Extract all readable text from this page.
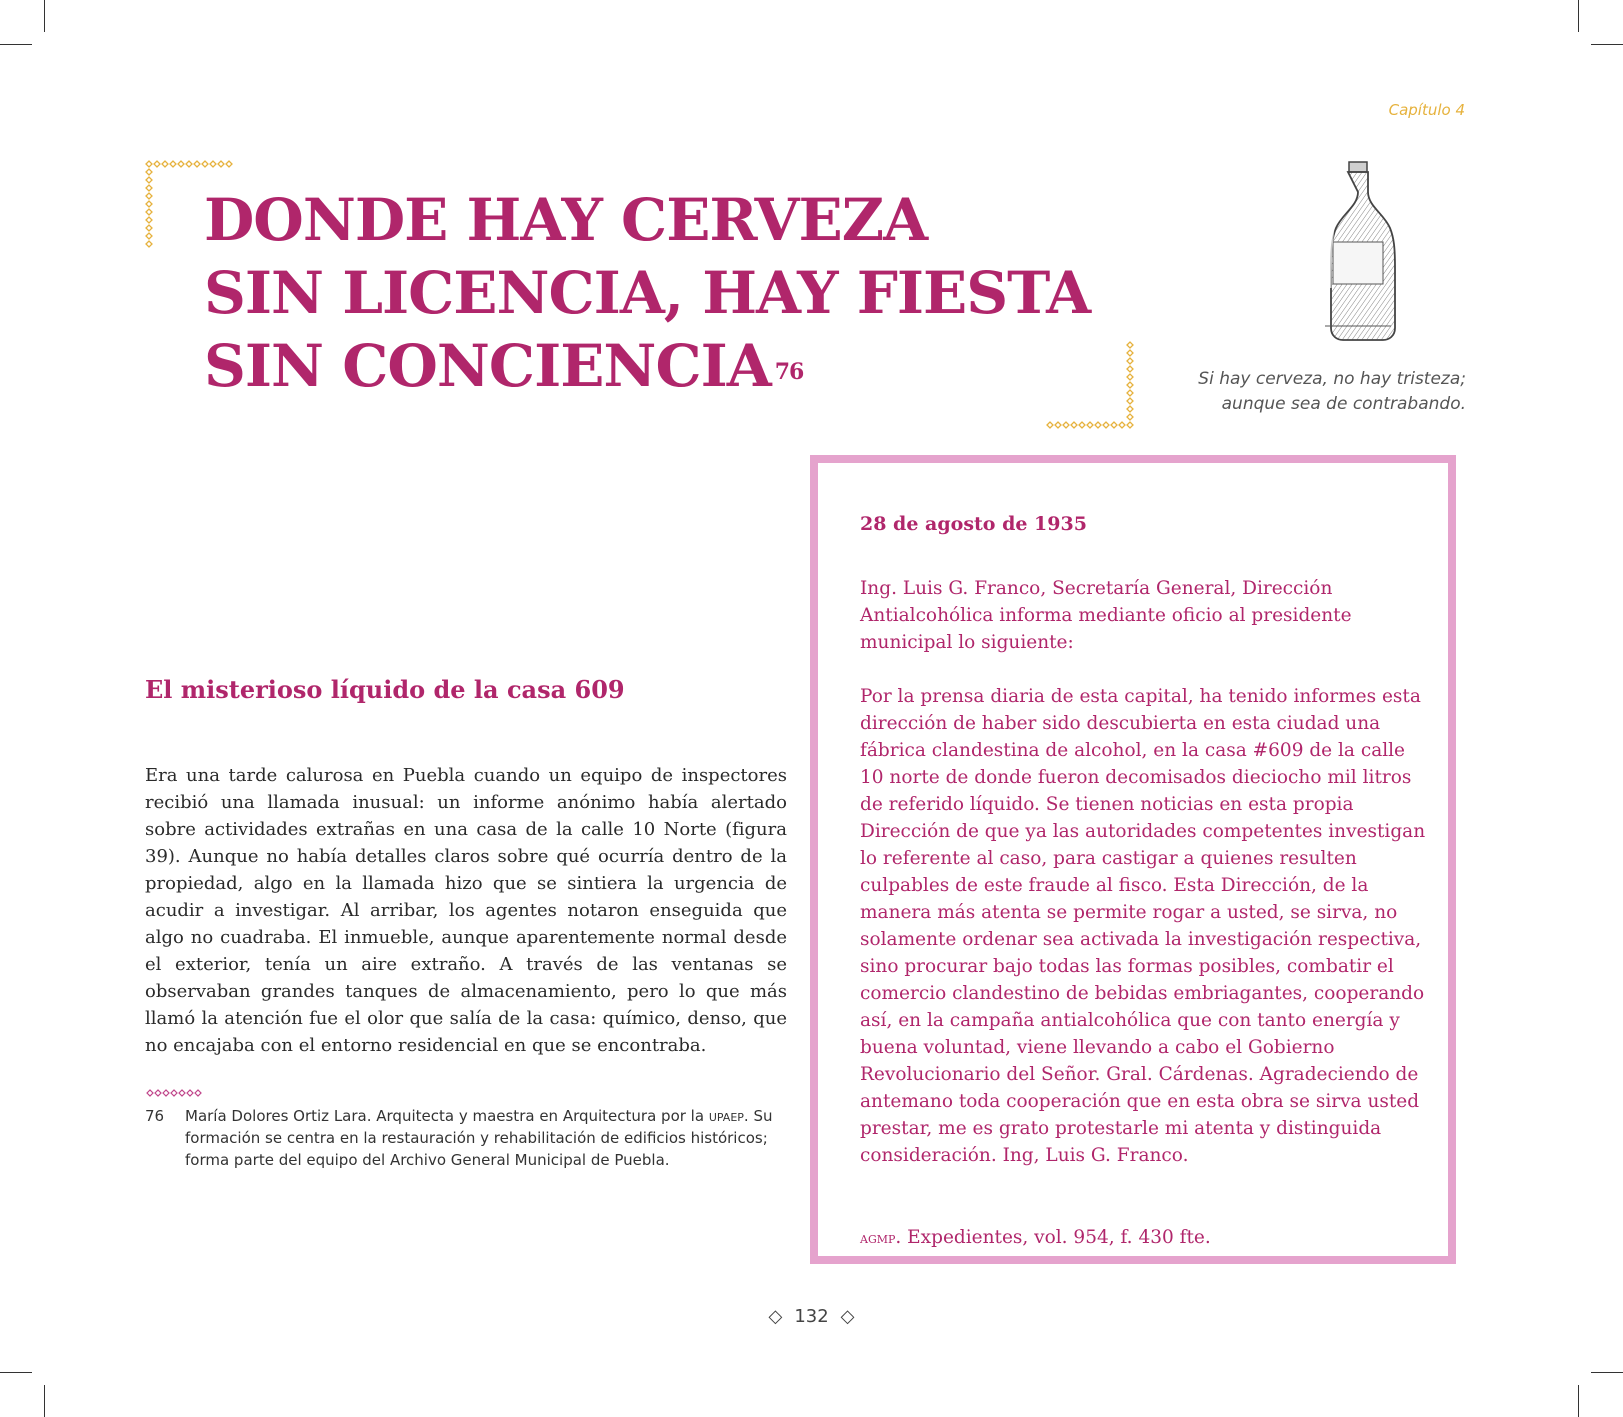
Capítulo 4
DONDE HAY CERVEZA
SIN LICENCIA, HAY FIESTA
SIN CONCIENCIA $^{76}$	Si hay cerveza, no hay tristeza;
aunque sea de contrabando.
El misterioso líquido de la casa 609

Era una tarde calurosa en Puebla cuando un equipo de inspectores recibió una llamada inusual: un informe anónimo había alertado sobre actividades extrañas en una casa de la calle 10 Norte (figura 39). Aunque no había detalles claros sobre qué ocurría dentro de la propiedad, algo en la llamada hizo que se sintiera la urgencia de acudir a investigar. Al arribar, los agentes notaron enseguida que algo no cuadraba. El inmueble, aunque aparentemente normal desde el exterior, tenía un aire extraño. A través de las ventanas se observaban grandes tanques de almacenamiento, pero lo que más llamó la atención fue el olor que salía de la casa: químico, denso, que no encajaba con el entorno residencial en que se encontraba.

76	María Dolores Ortiz Lara. Arquitecta y maestra en Arquitectura por la upaep. Su formación se centra en la restauración y rehabilitación de edificios históricos; forma parte del equipo del Archivo General Municipal de Puebla.
28 de agosto de 1935

Ing. Luis G. Franco, Secretaría General, Dirección Antialcohólica informa mediante oficio al presidente municipal lo siguiente:

Por la prensa diaria de esta capital, ha tenido informes esta dirección de haber sido descubierta en esta ciudad una fábrica clandestina de alcohol, en la casa #609 de la calle 10 norte de donde fueron decomisados dieciocho mil litros de referido líquido. Se tienen noticias en esta propia Dirección de que ya las autoridades competentes investigan lo referente al caso, para castigar a quienes resulten culpables de este fraude al fisco. Esta Dirección, de la manera más atenta se permite rogar a usted, se sirva, no solamente ordenar sea activada la investigación respectiva, sino procurar bajo todas las formas posibles, combatir el comercio clandestino de bebidas embriagantes, cooperando así, en la campaña antialcohólica que con tanto energía y buena voluntad, viene llevando a cabo el Gobierno Revolucionario del Señor. Gral. Cárdenas. Agradeciendo de antemano toda cooperación que en esta obra se sirva usted prestar, me es grato protestarle mi atenta y distinguida consideración. Ing, Luis G. Franco.

agmp. Expedientes, vol. 954, f. 430 fte.

◇ 132 ◇
